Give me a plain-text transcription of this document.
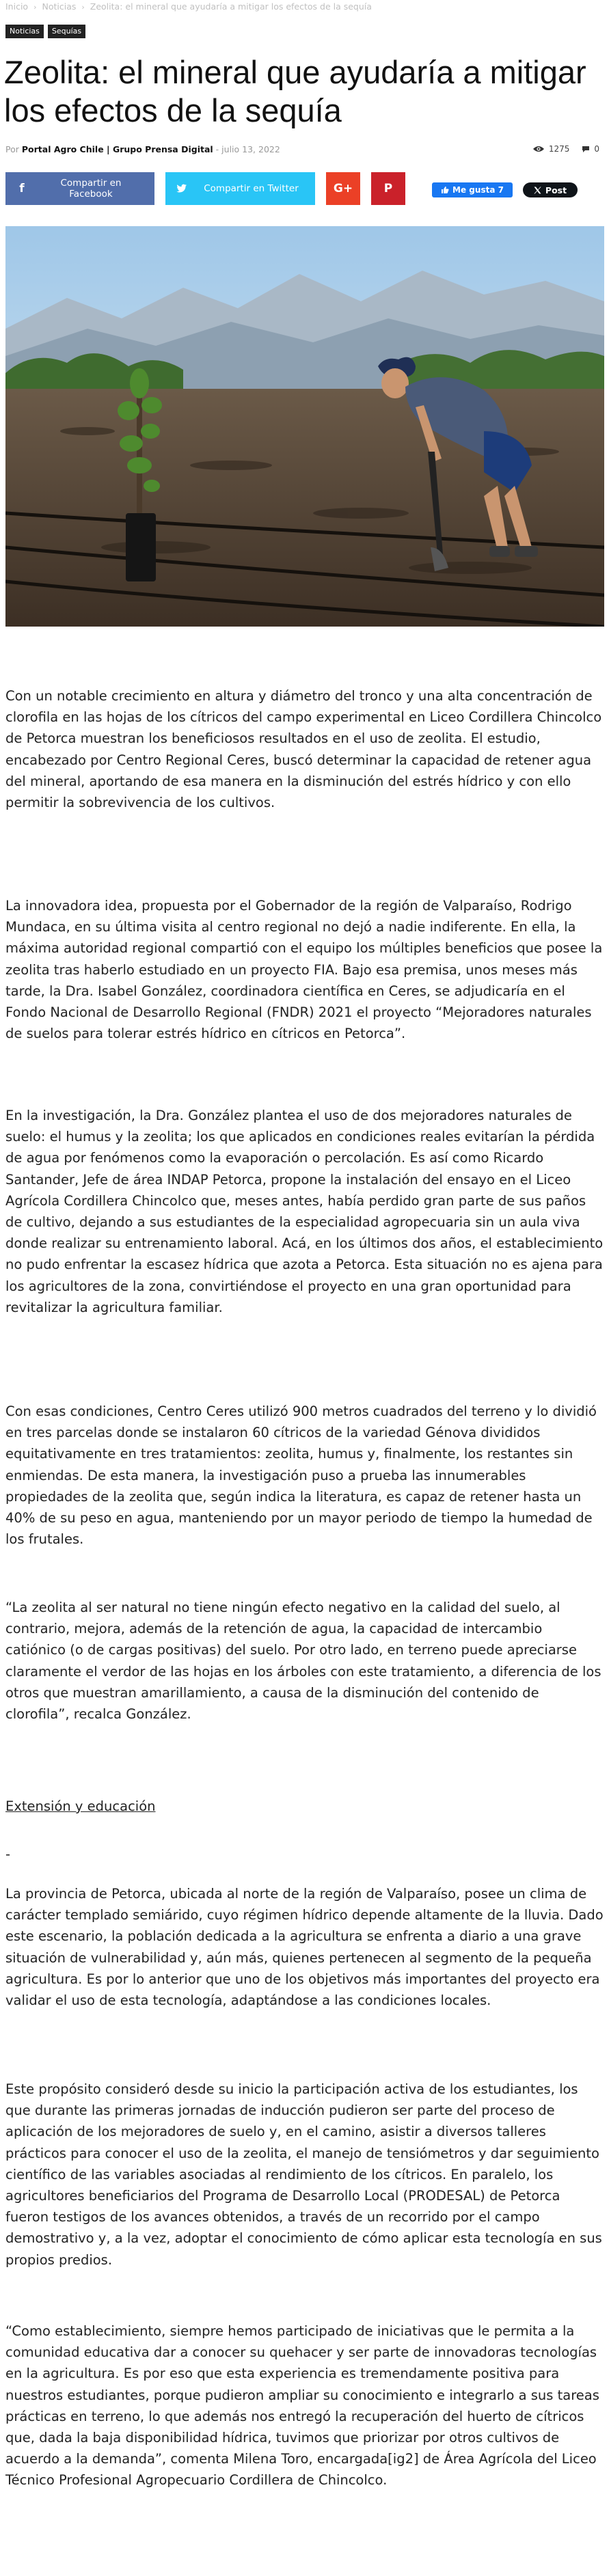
Inicio › Noticias › Zeolita: el mineral que ayudaría a mitigar los efectos de la sequía
Noticias	Sequías
Zeolita: el mineral que ayudaría a mitigar los efectos de la sequía
Por Portal Agro Chile | Grupo Prensa Digital - julio 13, 2022	1275	0
f	Compartir en Facebook	Compartir en Twitter	G+	P	Me gusta 7	Post

Con un notable crecimiento en altura y diámetro del tronco y una alta concentración de clorofila en las hojas de los cítricos del campo experimental en Liceo Cordillera Chincolco de Petorca muestran los beneficiosos resultados en el uso de zeolita. El estudio, encabezado por Centro Regional Ceres, buscó determinar la capacidad de retener agua del mineral, aportando de esa manera en la disminución del estrés hídrico y con ello permitir la sobrevivencia de los cultivos.

La innovadora idea, propuesta por el Gobernador de la región de Valparaíso, Rodrigo Mundaca, en su última visita al centro regional no dejó a nadie indiferente. En ella, la máxima autoridad regional compartió con el equipo los múltiples beneficios que posee la zeolita tras haberlo estudiado en un proyecto FIA. Bajo esa premisa, unos meses más tarde, la Dra. Isabel González, coordinadora científica en Ceres, se adjudicaría en el Fondo Nacional de Desarrollo Regional (FNDR) 2021 el proyecto “Mejoradores naturales de suelos para tolerar estrés hídrico en cítricos en Petorca”.

En la investigación, la Dra. González plantea el uso de dos mejoradores naturales de suelo: el humus y la zeolita; los que aplicados en condiciones reales evitarían la pérdida de agua por fenómenos como la evaporación o percolación. Es así como Ricardo Santander, Jefe de área INDAP Petorca, propone la instalación del ensayo en el Liceo Agrícola Cordillera Chincolco que, meses antes, había perdido gran parte de sus paños de cultivo, dejando a sus estudiantes de la especialidad agropecuaria sin un aula viva donde realizar su entrenamiento laboral. Acá, en los últimos dos años, el establecimiento no pudo enfrentar la escasez hídrica que azota a Petorca. Esta situación no es ajena para los agricultores de la zona, convirtiéndose el proyecto en una gran oportunidad para revitalizar la agricultura familiar.

Con esas condiciones, Centro Ceres utilizó 900 metros cuadrados del terreno y lo dividió en tres parcelas donde se instalaron 60 cítricos de la variedad Génova divididos equitativamente en tres tratamientos: zeolita, humus y, finalmente, los restantes sin enmiendas. De esta manera, la investigación puso a prueba las innumerables propiedades de la zeolita que, según indica la literatura, es capaz de retener hasta un 40% de su peso en agua, manteniendo por un mayor periodo de tiempo la humedad de los frutales.

“La zeolita al ser natural no tiene ningún efecto negativo en la calidad del suelo, al contrario, mejora, además de la retención de agua, la capacidad de intercambio catiónico (o de cargas positivas) del suelo. Por otro lado, en terreno puede apreciarse claramente el verdor de las hojas en los árboles con este tratamiento, a diferencia de los otros que muestran amarillamiento, a causa de la disminución del contenido de clorofila”, recalca González.

Extensión y educación

-

La provincia de Petorca, ubicada al norte de la región de Valparaíso, posee un clima de carácter templado semiárido, cuyo régimen hídrico depende altamente de la lluvia. Dado este escenario, la población dedicada a la agricultura se enfrenta a diario a una grave situación de vulnerabilidad y, aún más, quienes pertenecen al segmento de la pequeña agricultura. Es por lo anterior que uno de los objetivos más importantes del proyecto era validar el uso de esta tecnología, adaptándose a las condiciones locales.

Este propósito consideró desde su inicio la participación activa de los estudiantes, los que durante las primeras jornadas de inducción pudieron ser parte del proceso de aplicación de los mejoradores de suelo y, en el camino, asistir a diversos talleres prácticos para conocer el uso de la zeolita, el manejo de tensiómetros y dar seguimiento científico de las variables asociadas al rendimiento de los cítricos. En paralelo, los agricultores beneficiarios del Programa de Desarrollo Local (PRODESAL) de Petorca fueron testigos de los avances obtenidos, a través de un recorrido por el campo demostrativo y, a la vez, adoptar el conocimiento de cómo aplicar esta tecnología en sus propios predios.

“Como establecimiento, siempre hemos participado de iniciativas que le permita a la comunidad educativa dar a conocer su quehacer y ser parte de innovadoras tecnologías en la agricultura. Es por eso que esta experiencia es tremendamente positiva para nuestros estudiantes, porque pudieron ampliar su conocimiento e integrarlo a sus tareas prácticas en terreno, lo que además nos entregó la recuperación del huerto de cítricos que, dada la baja disponibilidad hídrica, tuvimos que priorizar por otros cultivos de acuerdo a la demanda”, comenta Milena Toro, encargada[ig2] de Área Agrícola del Liceo Técnico Profesional Agropecuario Cordillera de Chincolco.
